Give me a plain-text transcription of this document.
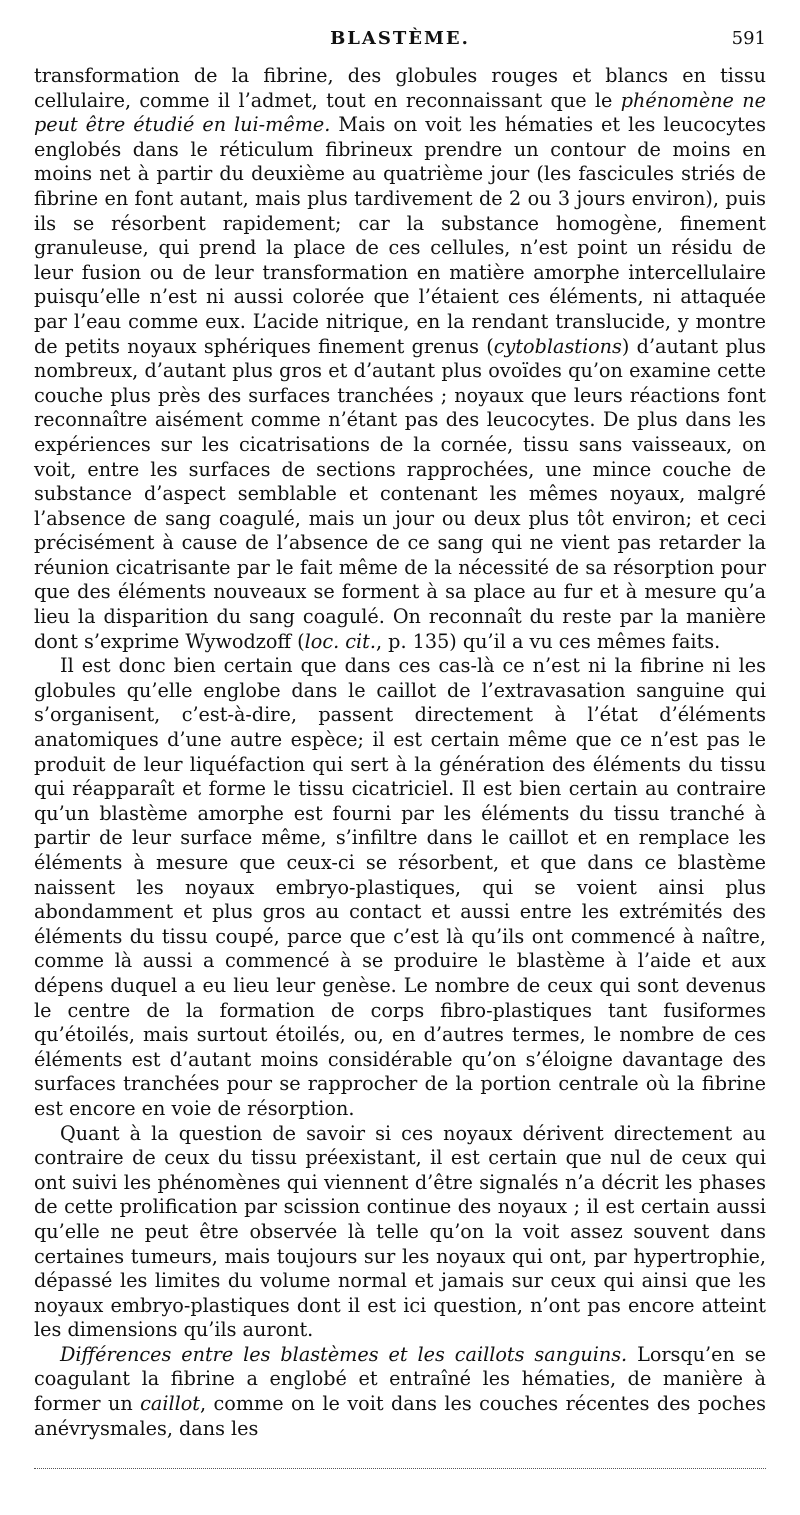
BLASTÈME.	591

transformation de la fibrine, des globules rouges et blancs en tissu cellulaire, comme il l’admet, tout en reconnaissant que le phénomène ne peut être étudié en lui-même. Mais on voit les hématies et les leucocytes englobés dans le réticulum fibrineux prendre un contour de moins en moins net à partir du deuxième au quatrième jour (les fascicules striés de fibrine en font autant, mais plus tardivement de 2 ou 3 jours environ), puis ils se résorbent rapidement; car la substance homogène, finement granuleuse, qui prend la place de ces cellules, n’est point un résidu de leur fusion ou de leur transformation en matière amorphe intercellulaire puisqu’elle n’est ni aussi colorée que l’étaient ces éléments, ni attaquée par l’eau comme eux. L’acide nitrique, en la rendant translucide, y montre de petits noyaux sphériques finement grenus (cytoblastions) d’autant plus nombreux, d’autant plus gros et d’autant plus ovoïdes qu’on examine cette couche plus près des surfaces tranchées ; noyaux que leurs réactions font reconnaître aisément comme n’étant pas des leucocytes. De plus dans les expériences sur les cicatrisations de la cornée, tissu sans vaisseaux, on voit, entre les surfaces de sections rapprochées, une mince couche de substance d’aspect semblable et contenant les mêmes noyaux, malgré l’absence de sang coagulé, mais un jour ou deux plus tôt environ; et ceci précisément à cause de l’absence de ce sang qui ne vient pas retarder la réunion cicatrisante par le fait même de la nécessité de sa résorption pour que des éléments nouveaux se forment à sa place au fur et à mesure qu’a lieu la disparition du sang coagulé. On reconnaît du reste par la manière dont s’exprime Wywodzoff (loc. cit., p. 135) qu’il a vu ces mêmes faits.

Il est donc bien certain que dans ces cas-là ce n’est ni la fibrine ni les globules qu’elle englobe dans le caillot de l’extravasation sanguine qui s’organisent, c’est-à-dire, passent directement à l’état d’éléments anatomiques d’une autre espèce; il est certain même que ce n’est pas le produit de leur liquéfaction qui sert à la génération des éléments du tissu qui réapparaît et forme le tissu cicatriciel. Il est bien certain au contraire qu’un blastème amorphe est fourni par les éléments du tissu tranché à partir de leur surface même, s’infiltre dans le caillot et en remplace les éléments à mesure que ceux-ci se résorbent, et que dans ce blastème naissent les noyaux embryo-plastiques, qui se voient ainsi plus abondamment et plus gros au contact et aussi entre les extrémités des éléments du tissu coupé, parce que c’est là qu’ils ont commencé à naître, comme là aussi a commencé à se produire le blastème à l’aide et aux dépens duquel a eu lieu leur genèse. Le nombre de ceux qui sont devenus le centre de la formation de corps fibro-plastiques tant fusiformes qu’étoilés, mais surtout étoilés, ou, en d’autres termes, le nombre de ces éléments est d’autant moins considérable qu’on s’éloigne davantage des surfaces tranchées pour se rapprocher de la portion centrale où la fibrine est encore en voie de résorption.

Quant à la question de savoir si ces noyaux dérivent directement au contraire de ceux du tissu préexistant, il est certain que nul de ceux qui ont suivi les phénomènes qui viennent d’être signalés n’a décrit les phases de cette prolification par scission continue des noyaux ; il est certain aussi qu’elle ne peut être observée là telle qu’on la voit assez souvent dans certaines tumeurs, mais toujours sur les noyaux qui ont, par hypertrophie, dépassé les limites du volume normal et jamais sur ceux qui ainsi que les noyaux embryo-plastiques dont il est ici question, n’ont pas encore atteint les dimensions qu’ils auront.

Différences entre les blastèmes et les caillots sanguins. Lorsqu’en se coagulant la fibrine a englobé et entraîné les hématies, de manière à former un caillot, comme on le voit dans les couches récentes des poches anévrysmales, dans les
